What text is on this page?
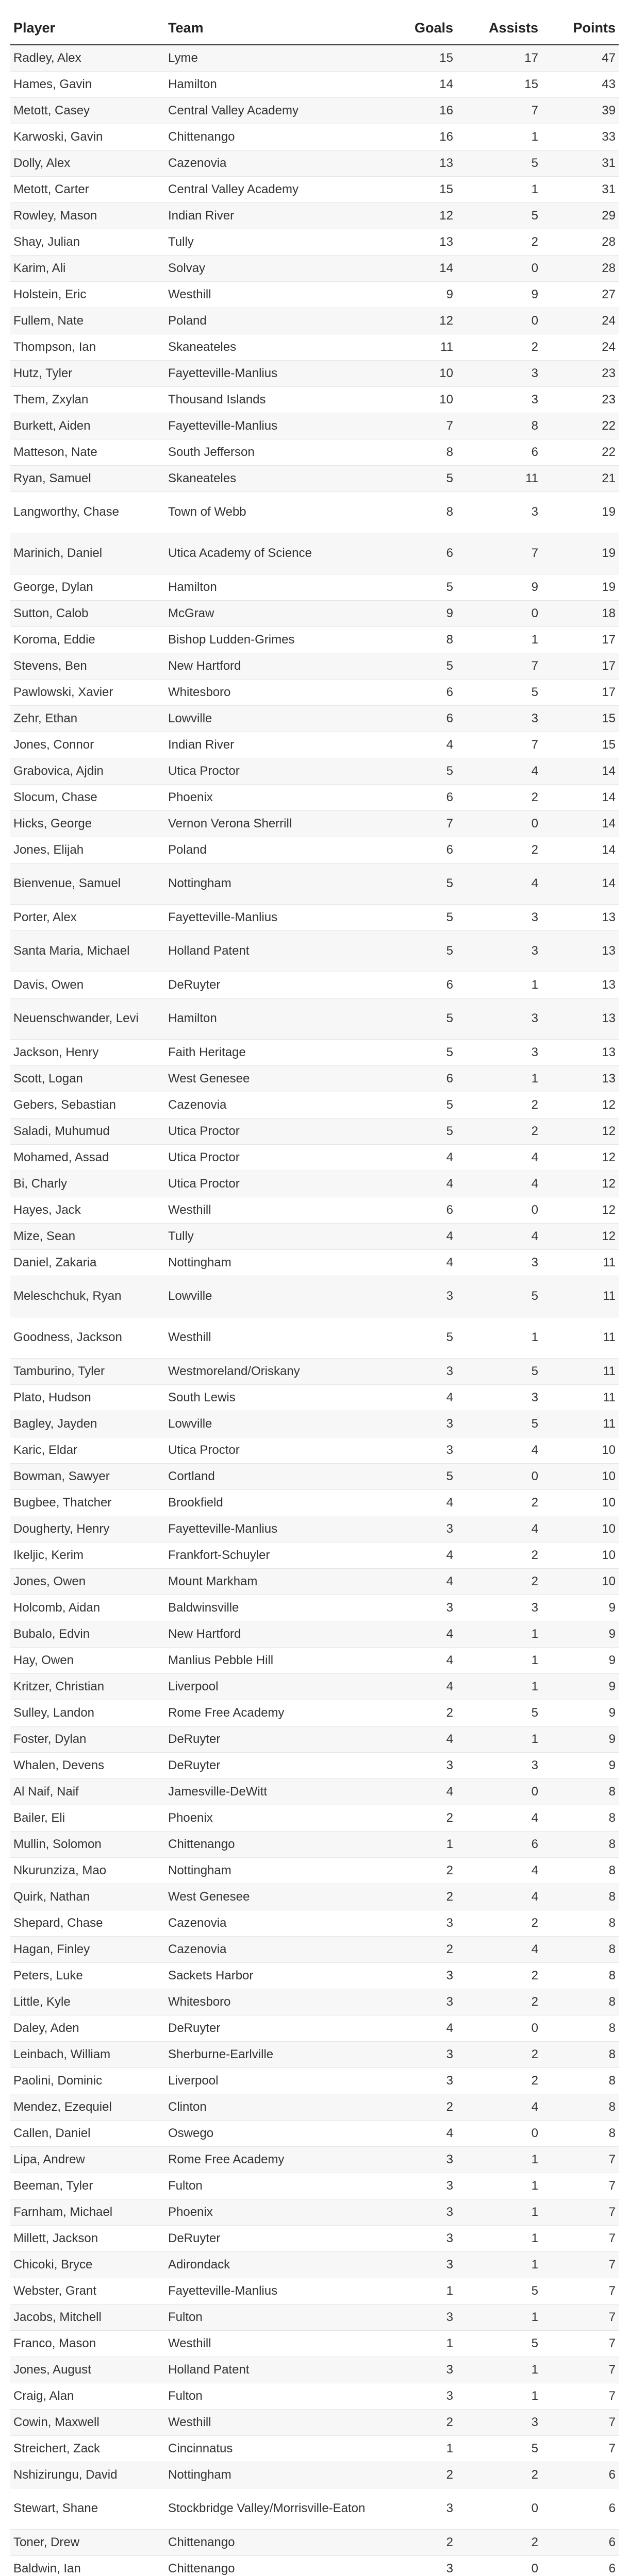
Player	Team	Goals	Assists	Points
Radley, Alex	Lyme	15	17	47
Hames, Gavin	Hamilton	14	15	43
Metott, Casey	Central Valley Academy	16	7	39
Karwoski, Gavin	Chittenango	16	1	33
Dolly, Alex	Cazenovia	13	5	31
Metott, Carter	Central Valley Academy	15	1	31
Rowley, Mason	Indian River	12	5	29
Shay, Julian	Tully	13	2	28
Karim, Ali	Solvay	14	0	28
Holstein, Eric	Westhill	9	9	27
Fullem, Nate	Poland	12	0	24
Thompson, Ian	Skaneateles	11	2	24
Hutz, Tyler	Fayetteville-Manlius	10	3	23
Them, Zxylan	Thousand Islands	10	3	23
Burkett, Aiden	Fayetteville-Manlius	7	8	22
Matteson, Nate	South Jefferson	8	6	22
Ryan, Samuel	Skaneateles	5	11	21
Langworthy, Chase	Town of Webb	8	3	19
Marinich, Daniel	Utica Academy of Science	6	7	19
George, Dylan	Hamilton	5	9	19
Sutton, Calob	McGraw	9	0	18
Koroma, Eddie	Bishop Ludden-Grimes	8	1	17
Stevens, Ben	New Hartford	5	7	17
Pawlowski, Xavier	Whitesboro	6	5	17
Zehr, Ethan	Lowville	6	3	15
Jones, Connor	Indian River	4	7	15
Grabovica, Ajdin	Utica Proctor	5	4	14
Slocum, Chase	Phoenix	6	2	14
Hicks, George	Vernon Verona Sherrill	7	0	14
Jones, Elijah	Poland	6	2	14
Bienvenue, Samuel	Nottingham	5	4	14
Porter, Alex	Fayetteville-Manlius	5	3	13
Santa Maria, Michael	Holland Patent	5	3	13
Davis, Owen	DeRuyter	6	1	13
Neuenschwander, Levi	Hamilton	5	3	13
Jackson, Henry	Faith Heritage	5	3	13
Scott, Logan	West Genesee	6	1	13
Gebers, Sebastian	Cazenovia	5	2	12
Saladi, Muhumud	Utica Proctor	5	2	12
Mohamed, Assad	Utica Proctor	4	4	12
Bi, Charly	Utica Proctor	4	4	12
Hayes, Jack	Westhill	6	0	12
Mize, Sean	Tully	4	4	12
Daniel, Zakaria	Nottingham	4	3	11
Meleschchuk, Ryan	Lowville	3	5	11
Goodness, Jackson	Westhill	5	1	11
Tamburino, Tyler	Westmoreland/Oriskany	3	5	11
Plato, Hudson	South Lewis	4	3	11
Bagley, Jayden	Lowville	3	5	11
Karic, Eldar	Utica Proctor	3	4	10
Bowman, Sawyer	Cortland	5	0	10
Bugbee, Thatcher	Brookfield	4	2	10
Dougherty, Henry	Fayetteville-Manlius	3	4	10
Ikeljic, Kerim	Frankfort-Schuyler	4	2	10
Jones, Owen	Mount Markham	4	2	10
Holcomb, Aidan	Baldwinsville	3	3	9
Bubalo, Edvin	New Hartford	4	1	9
Hay, Owen	Manlius Pebble Hill	4	1	9
Kritzer, Christian	Liverpool	4	1	9
Sulley, Landon	Rome Free Academy	2	5	9
Foster, Dylan	DeRuyter	4	1	9
Whalen, Devens	DeRuyter	3	3	9
Al Naif, Naif	Jamesville-DeWitt	4	0	8
Bailer, Eli	Phoenix	2	4	8
Mullin, Solomon	Chittenango	1	6	8
Nkurunziza, Mao	Nottingham	2	4	8
Quirk, Nathan	West Genesee	2	4	8
Shepard, Chase	Cazenovia	3	2	8
Hagan, Finley	Cazenovia	2	4	8
Peters, Luke	Sackets Harbor	3	2	8
Little, Kyle	Whitesboro	3	2	8
Daley, Aden	DeRuyter	4	0	8
Leinbach, William	Sherburne-Earlville	3	2	8
Paolini, Dominic	Liverpool	3	2	8
Mendez, Ezequiel	Clinton	2	4	8
Callen, Daniel	Oswego	4	0	8
Lipa, Andrew	Rome Free Academy	3	1	7
Beeman, Tyler	Fulton	3	1	7
Farnham, Michael	Phoenix	3	1	7
Millett, Jackson	DeRuyter	3	1	7
Chicoki, Bryce	Adirondack	3	1	7
Webster, Grant	Fayetteville-Manlius	1	5	7
Jacobs, Mitchell	Fulton	3	1	7
Franco, Mason	Westhill	1	5	7
Jones, August	Holland Patent	3	1	7
Craig, Alan	Fulton	3	1	7
Cowin, Maxwell	Westhill	2	3	7
Streichert, Zack	Cincinnatus	1	5	7
Nshizirungu, David	Nottingham	2	2	6
Stewart, Shane	Stockbridge Valley/Morrisville-Eaton	3	0	6
Toner, Drew	Chittenango	2	2	6
Baldwin, Ian	Chittenango	3	0	6
